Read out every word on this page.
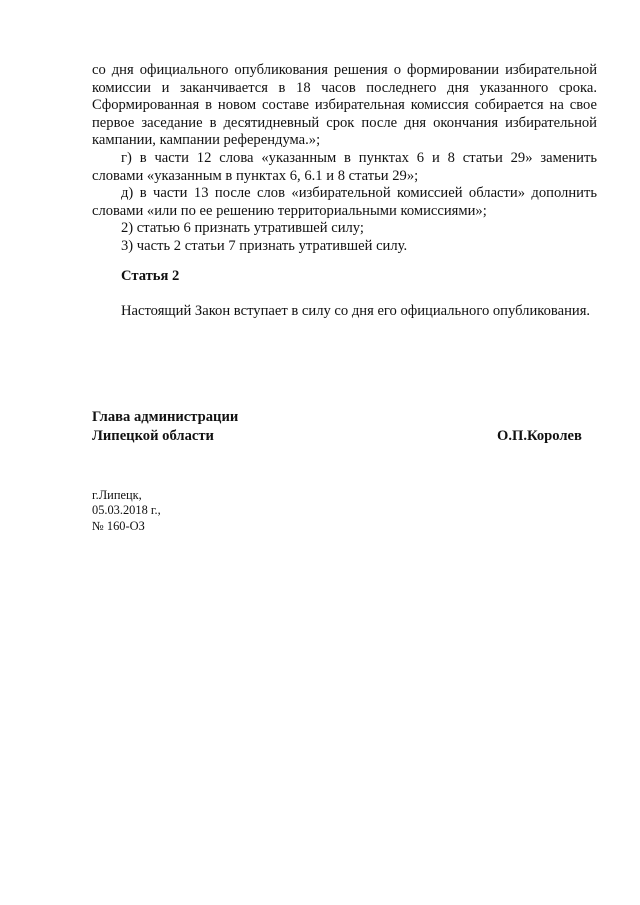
со дня официального опубликования решения о формировании избирательной комиссии и заканчивается в 18 часов последнего дня указанного срока. Сформированная в новом составе избирательная комиссия собирается на свое первое заседание в десятидневный срок после дня окончания избирательной кампании, кампании референдума.»;

г) в части 12 слова «указанным в пунктах 6 и 8 статьи 29» заменить словами «указанным в пунктах 6, 6.1 и 8 статьи 29»;

д) в части 13 после слов «избирательной комиссией области» дополнить словами «или по ее решению территориальными комиссиями»;

2) статью 6 признать утратившей силу;

3) часть 2 статьи 7 признать утратившей силу.

Статья 2

Настоящий Закон вступает в силу со дня его официального опубликования.

Глава администрации
Липецкой области	О.П.Королев
г.Липецк,
05.03.2018 г.,
№ 160-ОЗ
